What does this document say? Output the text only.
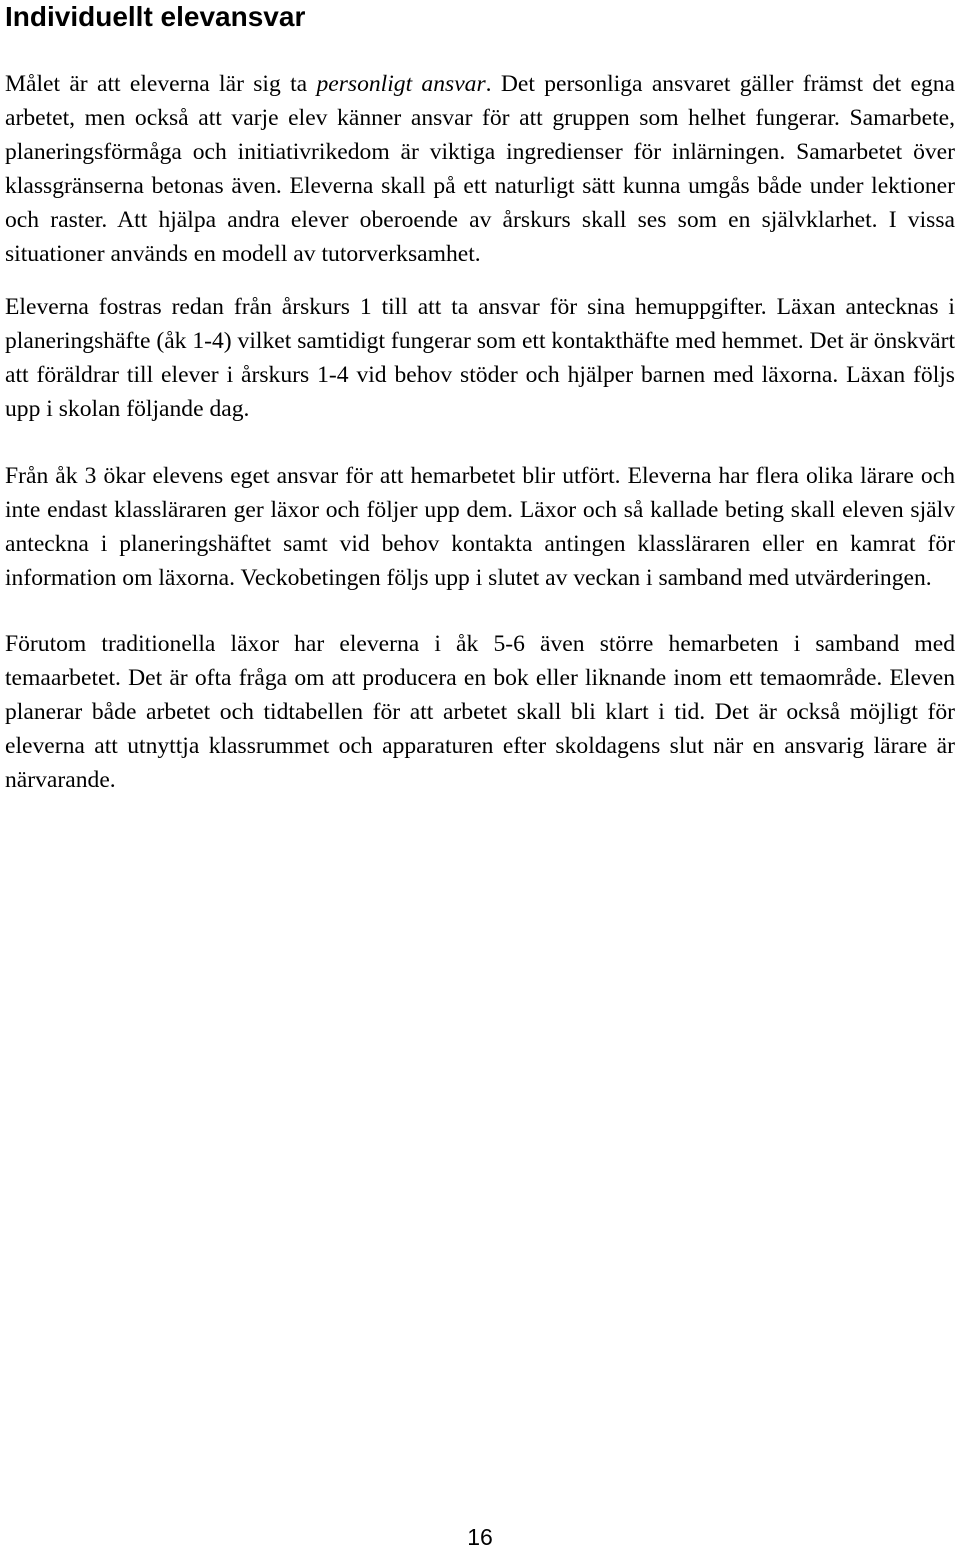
Individuellt elevansvar

Målet är att eleverna lär sig ta personligt ansvar. Det personliga ansvaret gäller främst det egna arbetet, men också att varje elev känner ansvar för att gruppen som helhet fungerar. Samarbete, planeringsförmåga och initiativrikedom är viktiga ingredienser för inlärningen. Samarbetet över klassgränserna betonas även. Eleverna skall på ett naturligt sätt kunna umgås både under lektioner och raster. Att hjälpa andra elever oberoende av årskurs skall ses som en självklarhet. I vissa situationer används en modell av tutorverksamhet.

Eleverna fostras redan från årskurs 1 till att ta ansvar för sina hemuppgifter. Läxan antecknas i planeringshäfte (åk 1-4) vilket samtidigt fungerar som ett kontakthäfte med hemmet. Det är önskvärt att föräldrar till elever i årskurs 1-4 vid behov stöder och hjälper barnen med läxorna. Läxan följs upp i skolan följande dag.

Från åk 3 ökar elevens eget ansvar för att hemarbetet blir utfört. Eleverna har flera olika lärare och inte endast klassläraren ger läxor och följer upp dem. Läxor och så kallade beting skall eleven själv anteckna i planeringshäftet samt vid behov kontakta antingen klassläraren eller en kamrat för information om läxorna. Veckobetingen följs upp i slutet av veckan i samband med utvärderingen.

Förutom traditionella läxor har eleverna i åk 5-6 även större hemarbeten i samband med temaarbetet. Det är ofta fråga om att producera en bok eller liknande inom ett temaområde. Eleven planerar både arbetet och tidtabellen för att arbetet skall bli klart i tid. Det är också möjligt för eleverna att utnyttja klassrummet och apparaturen efter skoldagens slut när en ansvarig lärare är närvarande.

16
